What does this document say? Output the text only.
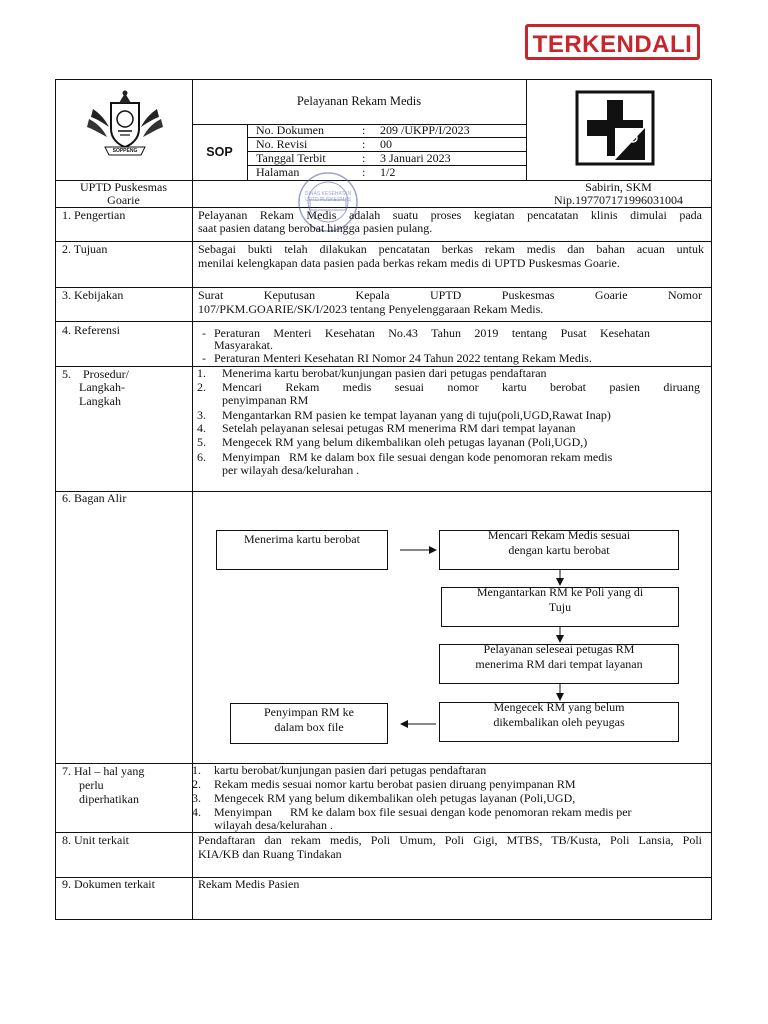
TERKENDALI
SOPPENG
Pelayanan Rekam Medis
SOP
No. Dokumen	: 209 /UKPP/I/2023
No. Revisi	: 00
Tanggal Terbit	: 3 Januari 2023
Halaman	: 1/2
UPTD Puskesmas
Goarie
Sabirin, SKM
Nip.197707171996031004
DINAS KESEHATAN UPTD PUSKESMAS
1. Pengertian	Pelayanan Rekam Medis adalah suatu proses kegiatan pencatatan klinis dimulai pada
saat pasien datang berobat hingga pasien pulang.
2. Tujuan	Sebagai bukti telah dilakukan pencatatan berkas rekam medis dan bahan acuan untuk
menilai kelengkapan data pasien pada berkas rekam medis di UPTD Puskesmas Goarie.
3. Kebijakan	Surat Keputusan Kepala UPTD Puskesmas Goarie Nomor
107/PKM.GOARIE/SK/I/2023 tentang Penyelenggaraan Rekam Medis.
4. Referensi	- Peraturan Menteri Kesehatan No.43 Tahun 2019 tentang Pusat Kesehatan
Masyarakat.
- Peraturan Menteri Kesehatan RI Nomor 24 Tahun 2022 tentang Rekam Medis.
5.    Prosedur/
Langkah-
Langkah
1. Menerima kartu berobat/kunjungan pasien dari petugas pendaftaran
2. Mencari Rekam medis sesuai nomor kartu berobat pasien diruang
penyimpanan RM
3. Mengantarkan RM pasien ke tempat layanan yang di tuju(poli,UGD,Rawat Inap)
4. Setelah pelayanan selesai petugas RM menerima RM dari tempat layanan
5. Mengecek RM yang belum dikembalikan oleh petugas layanan (Poli,UGD,)
6. Menyimpan   RM ke dalam box file sesuai dengan kode penomoran rekam medis
per wilayah desa/kelurahan .
6. Bagan Alir
Menerima kartu berobat	Mencari Rekam Medis sesuai
dengan kartu berobat
Mengantarkan RM ke Poli yang di
Tuju
Pelayanan seleseai petugas RM
menerima RM dari tempat layanan
Mengecek RM yang belum
dikembalikan oleh peyugas
Penyimpan RM ke
dalam box file
7. Hal – hal yang
perlu
diperhatikan
1. kartu berobat/kunjungan pasien dari petugas pendaftaran
2. Rekam medis sesuai nomor kartu berobat pasien diruang penyimpanan RM
3. Mengecek RM yang belum dikembalikan oleh petugas layanan (Poli,UGD,
4. Menyimpan      RM ke dalam box file sesuai dengan kode penomoran rekam medis per
wilayah desa/kelurahan .
8. Unit terkait	Pendaftaran dan rekam medis, Poli Umum, Poli Gigi, MTBS, TB/Kusta, Poli Lansia, Poli
KIA/KB dan Ruang Tindakan
9. Dokumen terkait	Rekam Medis Pasien
